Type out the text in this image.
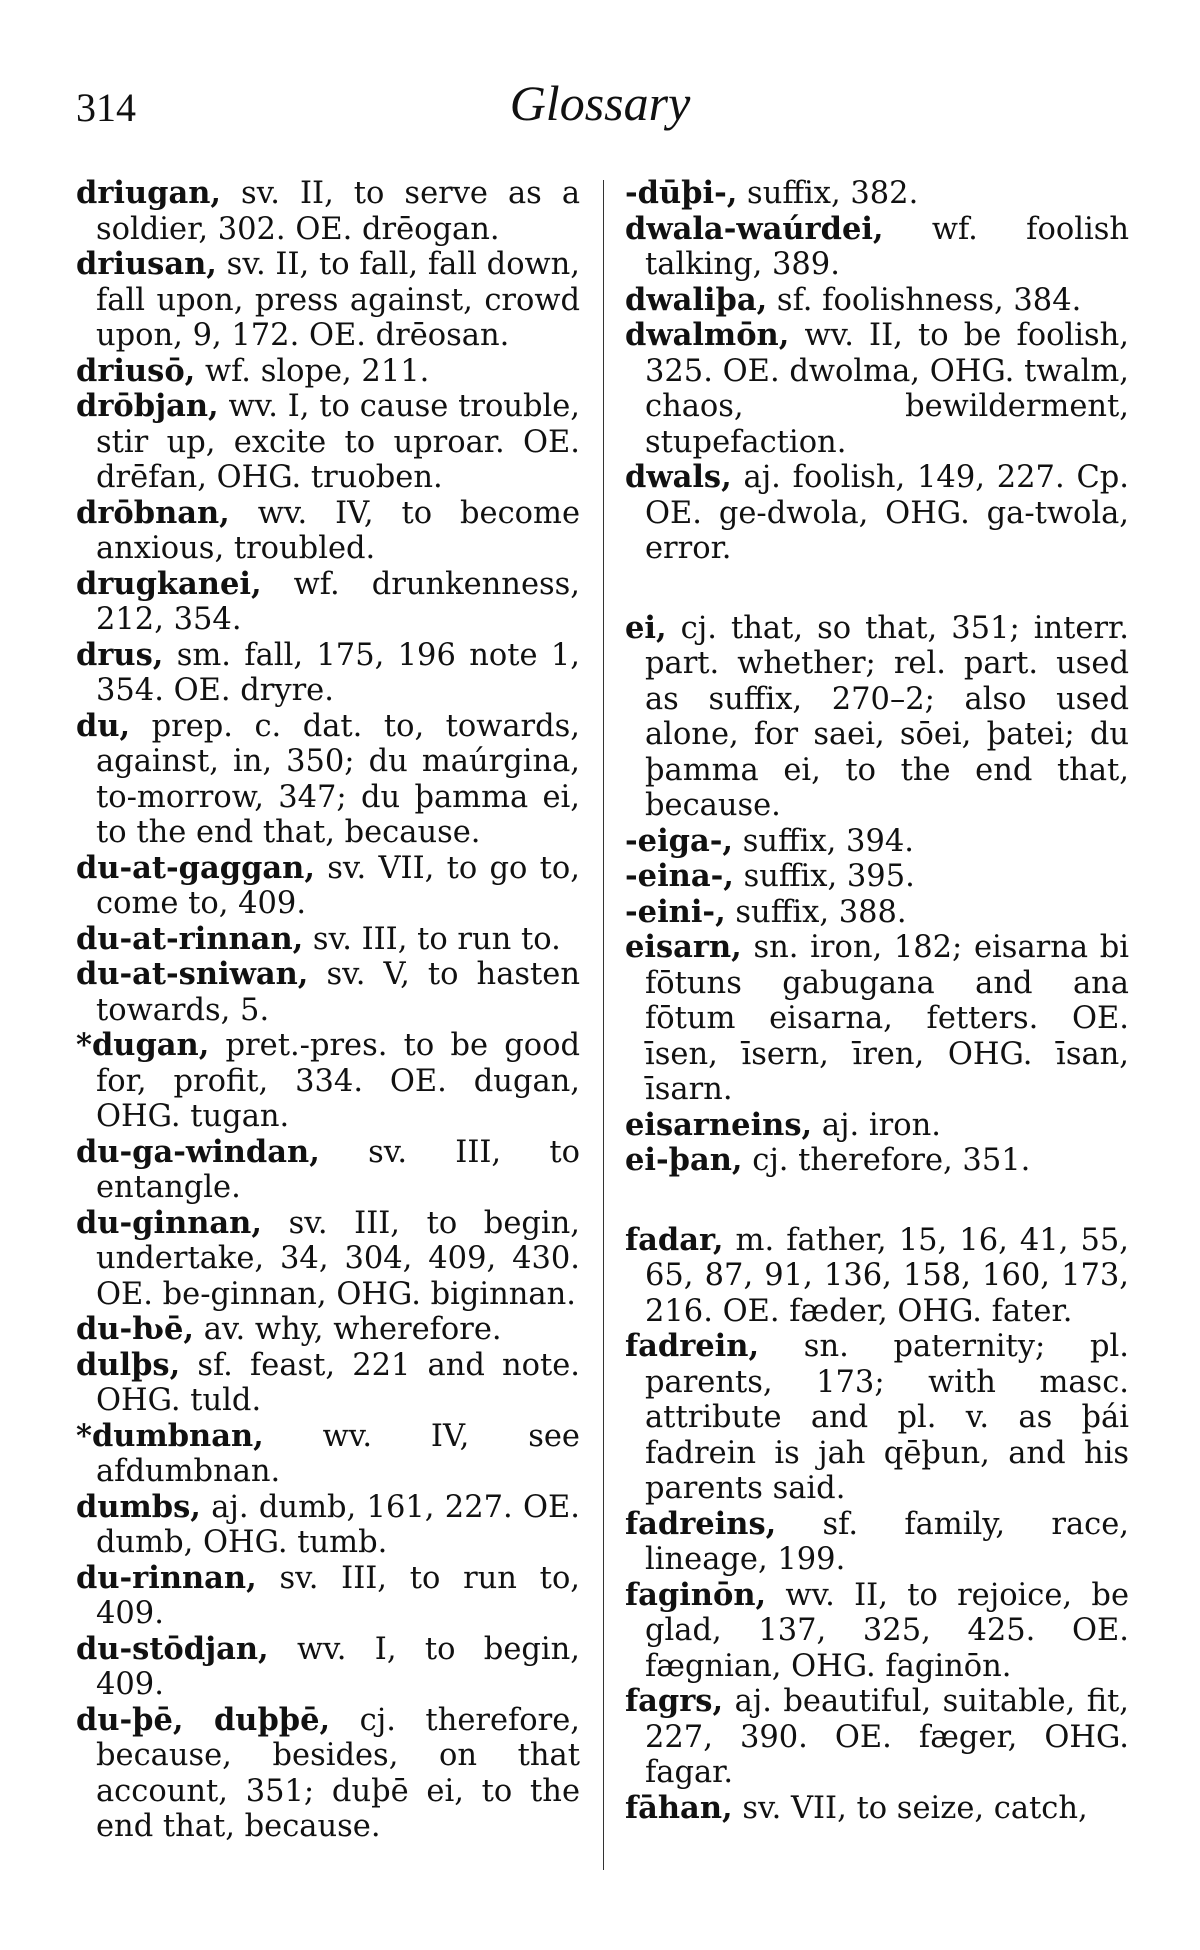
314	Glossary

driugan, sv. II, to serve as a soldier, 302. OE. drēogan.

driusan, sv. II, to fall, fall down, fall upon, press against, crowd upon, 9, 172. OE. drēosan.

driusō, wf. slope, 211.

drōbjan, wv. I, to cause trouble, stir up, excite to uproar. OE. drēfan, OHG. truoben.

drōbnan, wv. IV, to become anxious, troubled.

drugkanei, wf. drunkenness, 212, 354.

drus, sm. fall, 175, 196 note 1, 354. OE. dryre.

du, prep. c. dat. to, towards, against, in, 350; du maúrgina, to-morrow, 347; du þamma ei, to the end that, because.

du-at-gaggan, sv. VII, to go to, come to, 409.

du-at-rinnan, sv. III, to run to.

du-at-sniwan, sv. V, to hasten towards, 5.

*dugan, pret.-pres. to be good for, profit, 334. OE. dugan, OHG. tugan.

du-ga-windan, sv. III, to entangle.

du-ginnan, sv. III, to begin, undertake, 34, 304, 409, 430. OE. be-ginnan, OHG. biginnan.

du-ƕē, av. why, wherefore.

dulþs, sf. feast, 221 and note. OHG. tuld.

*dumbnan, wv. IV, see afdumbnan.

dumbs, aj. dumb, 161, 227. OE. dumb, OHG. tumb.

du-rinnan, sv. III, to run to, 409.

du-stōdjan, wv. I, to begin, 409.

du-þē, duþþē, cj. therefore, because, besides, on that account, 351; duþē ei, to the end that, because.

-dūþi-, suffix, 382.

dwala-waúrdei, wf. foolish talking, 389.

dwaliþa, sf. foolishness, 384.

dwalmōn, wv. II, to be foolish, 325. OE. dwolma, OHG. twalm, chaos, bewilderment, stupefaction.

dwals, aj. foolish, 149, 227. Cp. OE. ge-dwola, OHG. ga-twola, error.

ei, cj. that, so that, 351; interr. part. whether; rel. part. used as suffix, 270–2; also used alone, for saei, sōei, þatei; du þamma ei, to the end that, because.

-eiga-, suffix, 394.

-eina-, suffix, 395.

-eini-, suffix, 388.

eisarn, sn. iron, 182; eisarna bi fōtuns gabugana and ana fōtum eisarna, fetters. OE. īsen, īsern, īren, OHG. īsan, īsarn.

eisarneins, aj. iron.

ei-þan, cj. therefore, 351.

fadar, m. father, 15, 16, 41, 55, 65, 87, 91, 136, 158, 160, 173, 216. OE. fæder, OHG. fater.

fadrein, sn. paternity; pl. parents, 173; with masc. attribute and pl. v. as þái fadrein is jah qēþun, and his parents said.

fadreins, sf. family, race, lineage, 199.

faginōn, wv. II, to rejoice, be glad, 137, 325, 425. OE. fægnian, OHG. faginōn.

fagrs, aj. beautiful, suitable, fit, 227, 390. OE. fæger, OHG. fagar.

fāhan, sv. VII, to seize, catch,
